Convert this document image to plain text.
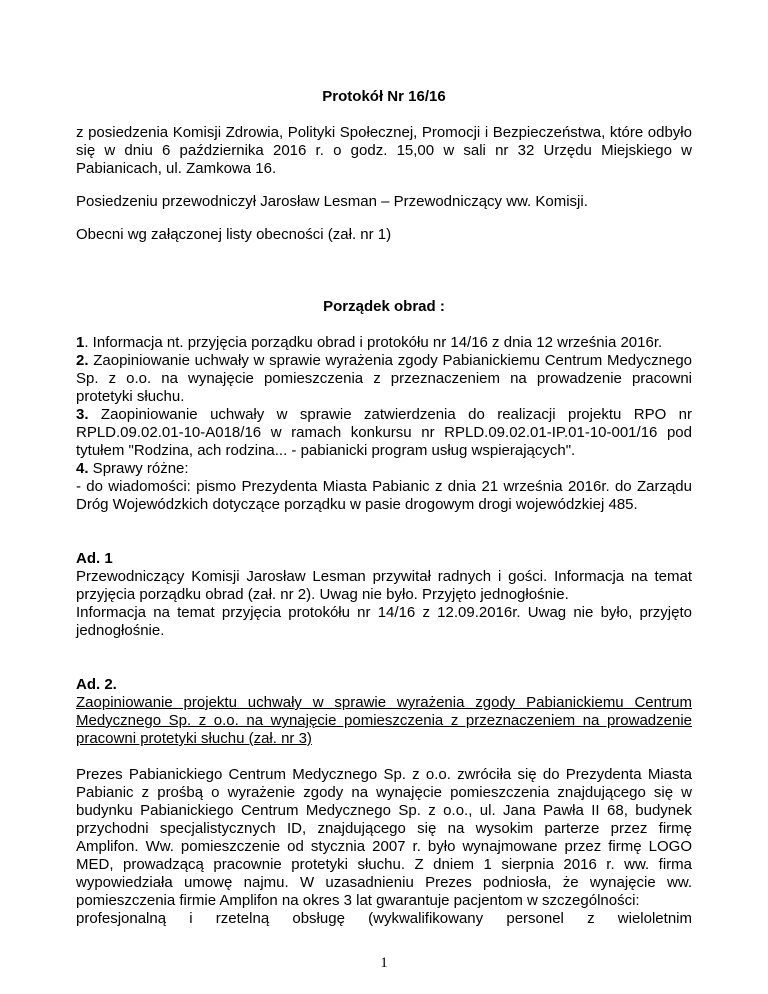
Protokół Nr 16/16

z posiedzenia Komisji Zdrowia, Polityki Społecznej, Promocji i Bezpieczeństwa, które odbyło się w dniu 6 października 2016 r. o godz. 15,00 w sali nr 32 Urzędu Miejskiego w Pabianicach, ul. Zamkowa 16.

Posiedzeniu przewodniczył Jarosław Lesman – Przewodniczący ww. Komisji.

Obecni wg załączonej listy obecności (zał. nr 1)

Porządek obrad :

1. Informacja nt. przyjęcia porządku obrad i protokółu nr 14/16 z dnia 12 września 2016r.

2. Zaopiniowanie uchwały w sprawie wyrażenia zgody Pabianickiemu Centrum Medycznego Sp. z o.o. na wynajęcie pomieszczenia z przeznaczeniem na prowadzenie pracowni protetyki słuchu.

3. Zaopiniowanie uchwały w sprawie zatwierdzenia do realizacji projektu RPO nr RPLD.09.02.01-10-A018/16 w ramach konkursu nr RPLD.09.02.01-IP.01-10-001/16 pod tytułem "Rodzina, ach rodzina... - pabianicki program usług wspierających".

4. Sprawy różne:

- do wiadomości: pismo Prezydenta Miasta Pabianic z dnia 21 września 2016r. do Zarządu Dróg Wojewódzkich dotyczące porządku w pasie drogowym drogi wojewódzkiej 485.

Ad. 1

Przewodniczący Komisji Jarosław Lesman przywitał radnych i gości. Informacja na temat przyjęcia porządku obrad (zał. nr 2). Uwag nie było. Przyjęto jednogłośnie.

Informacja na temat przyjęcia protokółu nr 14/16 z 12.09.2016r. Uwag nie było, przyjęto jednogłośnie.

Ad. 2.

Zaopiniowanie projektu uchwały w sprawie wyrażenia zgody Pabianickiemu Centrum Medycznego Sp. z o.o. na wynajęcie pomieszczenia z przeznaczeniem na prowadzenie pracowni protetyki słuchu (zał. nr 3)

Prezes Pabianickiego Centrum Medycznego Sp. z o.o. zwróciła się do Prezydenta Miasta Pabianic z prośbą o wyrażenie zgody na wynajęcie pomieszczenia znajdującego się w budynku Pabianickiego Centrum Medycznego Sp. z o.o., ul. Jana Pawła II 68, budynek przychodni specjalistycznych ID, znajdującego się na wysokim parterze przez firmę Amplifon. Ww. pomieszczenie od stycznia 2007 r. było wynajmowane przez firmę LOGO MED, prowadzącą pracownie protetyki słuchu. Z dniem 1 sierpnia 2016 r. ww. firma wypowiedziała umowę najmu. W uzasadnieniu Prezes podniosła, że wynajęcie ww. pomieszczenia firmie Amplifon na okres 3 lat gwarantuje pacjentom w szczególności:

profesjonalną i rzetelną obsługę (wykwalifikowany personel z wieloletnim

1
